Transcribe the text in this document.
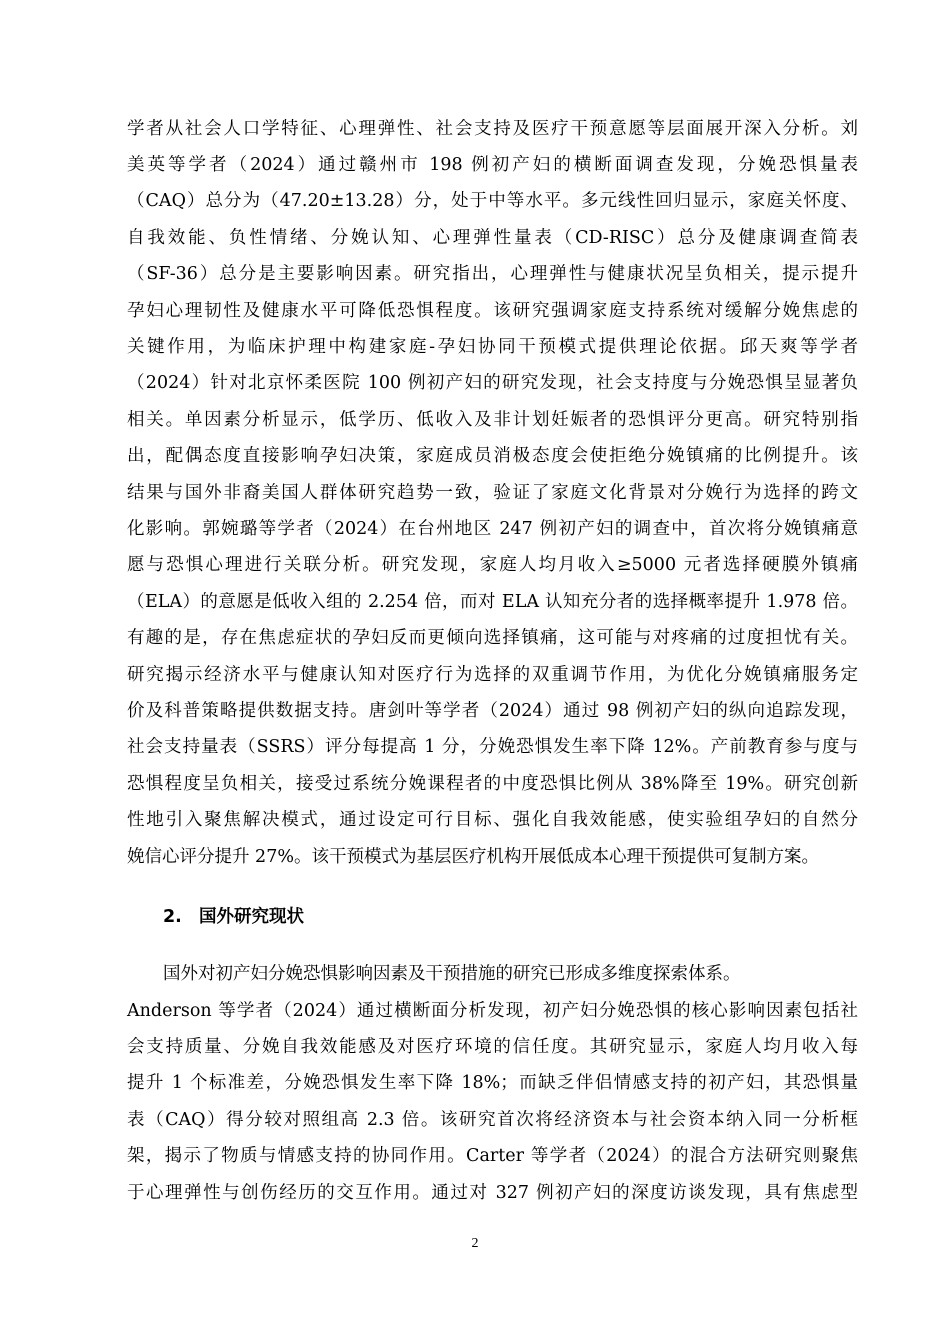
学者从社会人口学特征、心理弹性、社会支持及医疗干预意愿等层面展开深入分析。刘
美英等学者（2024）通过赣州市 198 例初产妇的横断面调查发现，分娩恐惧量表
（CAQ）总分为（47.20±13.28）分，处于中等水平。多元线性回归显示，家庭关怀度、
自我效能、负性情绪、分娩认知、心理弹性量表（CD-RISC）总分及健康调查简表
（SF-36）总分是主要影响因素。研究指出，心理弹性与健康状况呈负相关，提示提升
孕妇心理韧性及健康水平可降低恐惧程度。该研究强调家庭支持系统对缓解分娩焦虑的
关键作用，为临床护理中构建家庭-孕妇协同干预模式提供理论依据。邱天爽等学者
（2024）针对北京怀柔医院 100 例初产妇的研究发现，社会支持度与分娩恐惧呈显著负
相关。单因素分析显示，低学历、低收入及非计划妊娠者的恐惧评分更高。研究特别指
出，配偶态度直接影响孕妇决策，家庭成员消极态度会使拒绝分娩镇痛的比例提升。该
结果与国外非裔美国人群体研究趋势一致，验证了家庭文化背景对分娩行为选择的跨文
化影响。郭婉璐等学者（2024）在台州地区 247 例初产妇的调查中，首次将分娩镇痛意
愿与恐惧心理进行关联分析。研究发现，家庭人均月收入≥5000 元者选择硬膜外镇痛
（ELA）的意愿是低收入组的 2.254 倍，而对 ELA 认知充分者的选择概率提升 1.978 倍。
有趣的是，存在焦虑症状的孕妇反而更倾向选择镇痛，这可能与对疼痛的过度担忧有关。
研究揭示经济水平与健康认知对医疗行为选择的双重调节作用，为优化分娩镇痛服务定
价及科普策略提供数据支持。唐剑叶等学者（2024）通过 98 例初产妇的纵向追踪发现，
社会支持量表（SSRS）评分每提高 1 分，分娩恐惧发生率下降 12%。产前教育参与度与
恐惧程度呈负相关，接受过系统分娩课程者的中度恐惧比例从 38%降至 19%。研究创新
性地引入聚焦解决模式，通过设定可行目标、强化自我效能感，使实验组孕妇的自然分
娩信心评分提升 27%。该干预模式为基层医疗机构开展低成本心理干预提供可复制方案。
2. 国外研究现状
国外对初产妇分娩恐惧影响因素及干预措施的研究已形成多维度探索体系。
Anderson 等学者（2024）通过横断面分析发现，初产妇分娩恐惧的核心影响因素包括社
会支持质量、分娩自我效能感及对医疗环境的信任度。其研究显示，家庭人均月收入每
提升 1 个标准差，分娩恐惧发生率下降 18%；而缺乏伴侣情感支持的初产妇，其恐惧量
表（CAQ）得分较对照组高 2.3 倍。该研究首次将经济资本与社会资本纳入同一分析框
架，揭示了物质与情感支持的协同作用。Carter 等学者（2024）的混合方法研究则聚焦
于心理弹性与创伤经历的交互作用。通过对 327 例初产妇的深度访谈发现，具有焦虑型
2
